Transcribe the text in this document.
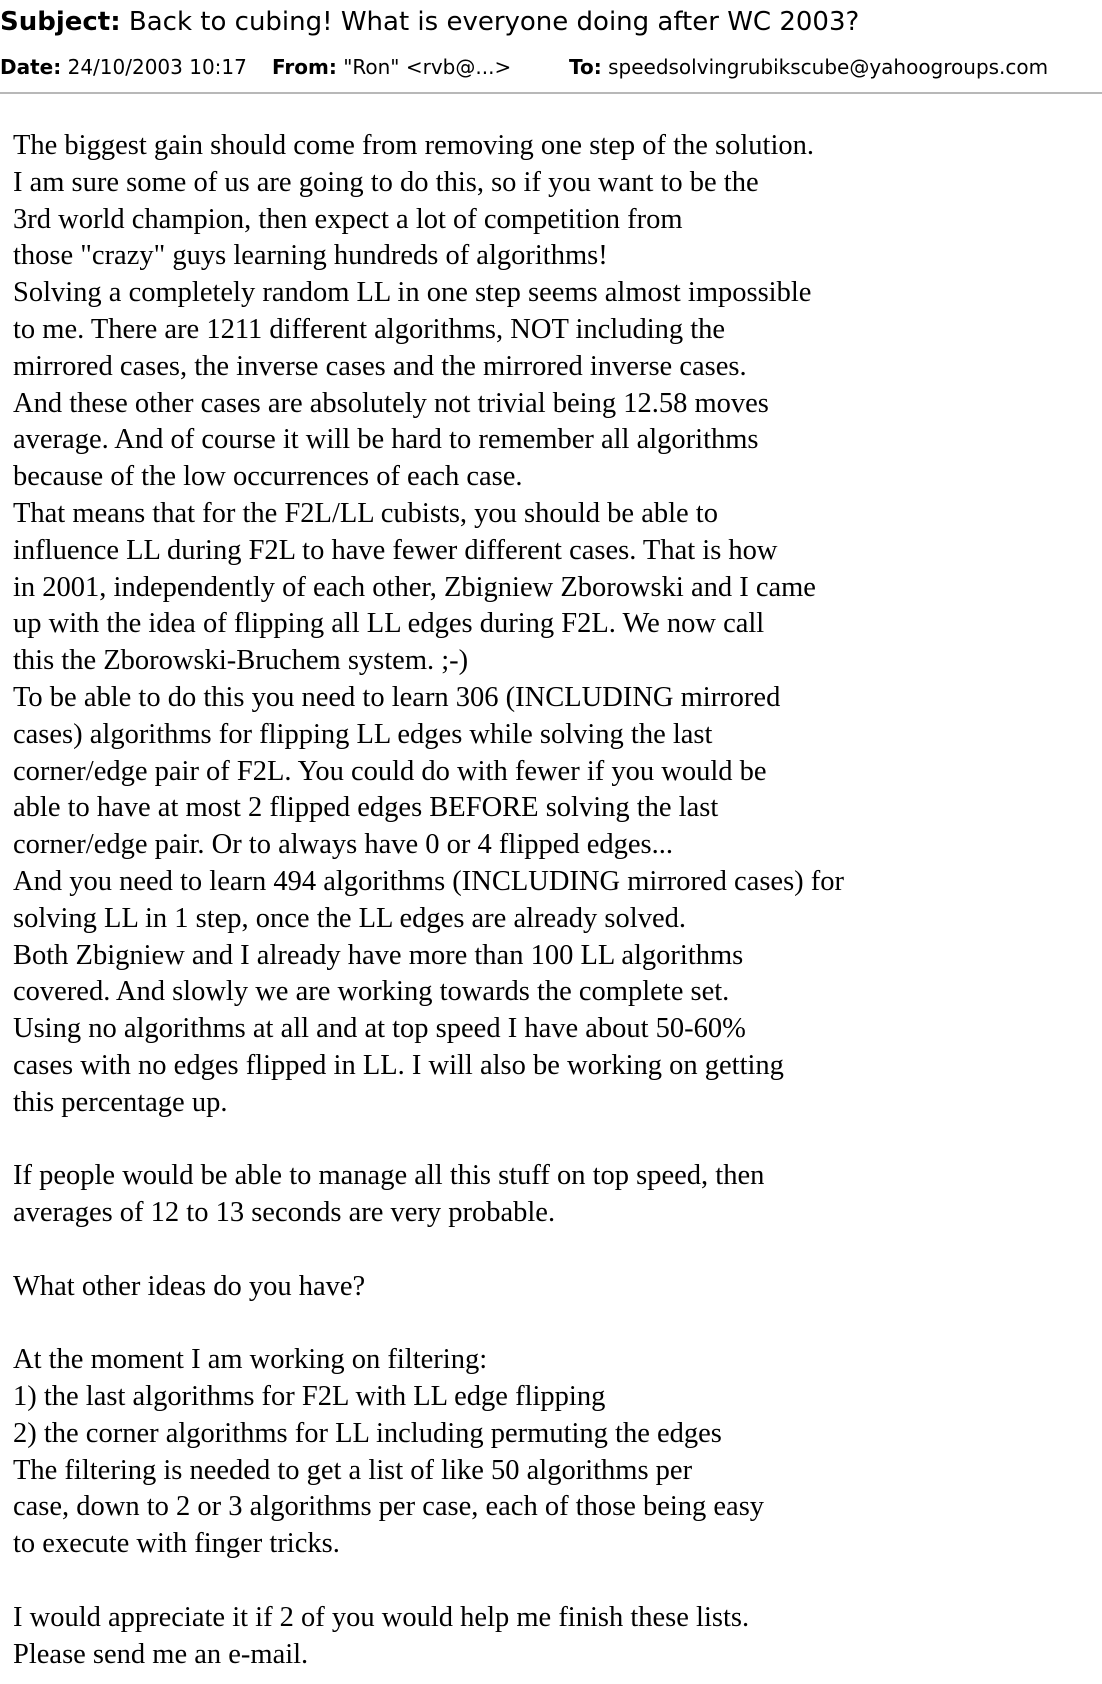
Subject: Back to cubing! What is everyone doing after WC 2003?
Date: 24/10/2003 10:17 From: "Ron" <rvb@...>	To: speedsolvingrubikscube@yahoogroups.com
The biggest gain should come from removing one step of the solution.
I am sure some of us are going to do this, so if you want to be the
3rd world champion, then expect a lot of competition from
those "crazy" guys learning hundreds of algorithms!
Solving a completely random LL in one step seems almost impossible
to me. There are 1211 different algorithms, NOT including the
mirrored cases, the inverse cases and the mirrored inverse cases.
And these other cases are absolutely not trivial being 12.58 moves
average. And of course it will be hard to remember all algorithms
because of the low occurrences of each case.
That means that for the F2L/LL cubists, you should be able to
influence LL during F2L to have fewer different cases. That is how
in 2001, independently of each other, Zbigniew Zborowski and I came
up with the idea of flipping all LL edges during F2L. We now call
this the Zborowski-Bruchem system. ;-)
To be able to do this you need to learn 306 (INCLUDING mirrored
cases) algorithms for flipping LL edges while solving the last
corner/edge pair of F2L. You could do with fewer if you would be
able to have at most 2 flipped edges BEFORE solving the last
corner/edge pair. Or to always have 0 or 4 flipped edges...
And you need to learn 494 algorithms (INCLUDING mirrored cases) for
solving LL in 1 step, once the LL edges are already solved.
Both Zbigniew and I already have more than 100 LL algorithms
covered. And slowly we are working towards the complete set.
Using no algorithms at all and at top speed I have about 50-60%
cases with no edges flipped in LL. I will also be working on getting
this percentage up.
If people would be able to manage all this stuff on top speed, then
averages of 12 to 13 seconds are very probable.
What other ideas do you have?
At the moment I am working on filtering:
1) the last algorithms for F2L with LL edge flipping
2) the corner algorithms for LL including permuting the edges
The filtering is needed to get a list of like 50 algorithms per
case, down to 2 or 3 algorithms per case, each of those being easy
to execute with finger tricks.
I would appreciate it if 2 of you would help me finish these lists.
Please send me an e-mail.
